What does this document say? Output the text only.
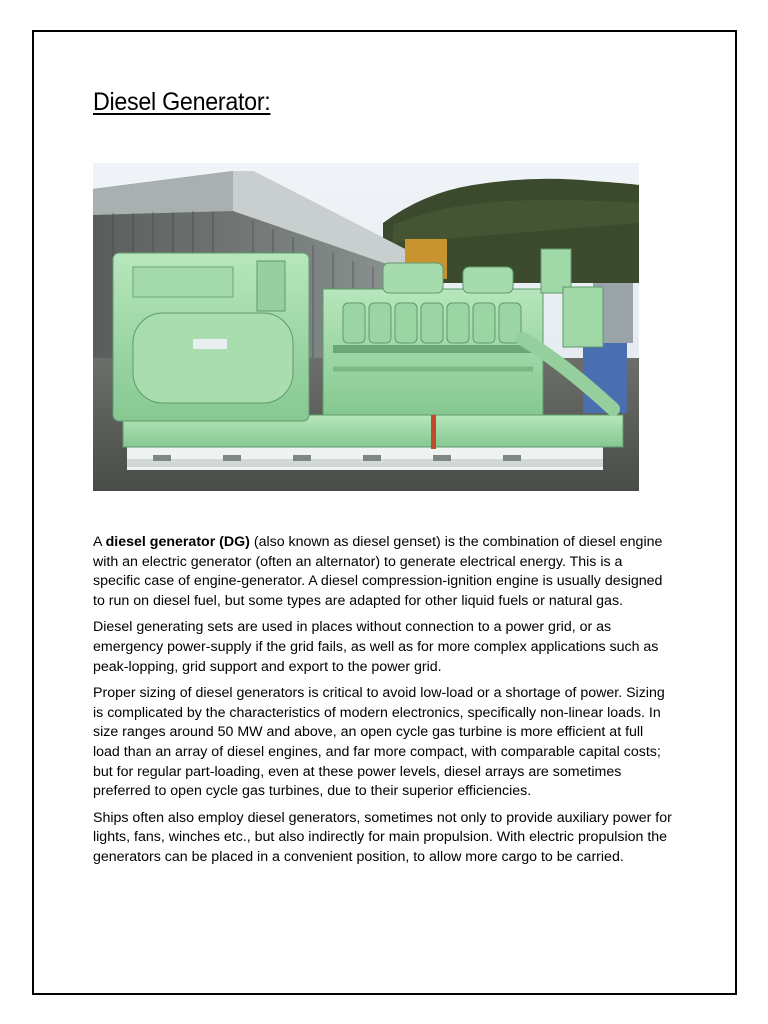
Diesel Generator:

A diesel generator (DG) (also known as diesel genset) is the combination of diesel engine with an electric generator (often an alternator) to generate electrical energy. This is a specific case of engine-generator. A diesel compression-ignition engine is usually designed to run on diesel fuel, but some types are adapted for other liquid fuels or natural gas.

Diesel generating sets are used in places without connection to a power grid, or as emergency power-supply if the grid fails, as well as for more complex applications such as peak-lopping, grid support and export to the power grid.

Proper sizing of diesel generators is critical to avoid low-load or a shortage of power. Sizing is complicated by the characteristics of modern electronics, specifically non-linear loads. In size ranges around 50 MW and above, an open cycle gas turbine is more efficient at full load than an array of diesel engines, and far more compact, with comparable capital costs; but for regular part-loading, even at these power levels, diesel arrays are sometimes preferred to open cycle gas turbines, due to their superior efficiencies.

Ships often also employ diesel generators, sometimes not only to provide auxiliary power for lights, fans, winches etc., but also indirectly for main propulsion. With electric propulsion the generators can be placed in a convenient position, to allow more cargo to be carried.
